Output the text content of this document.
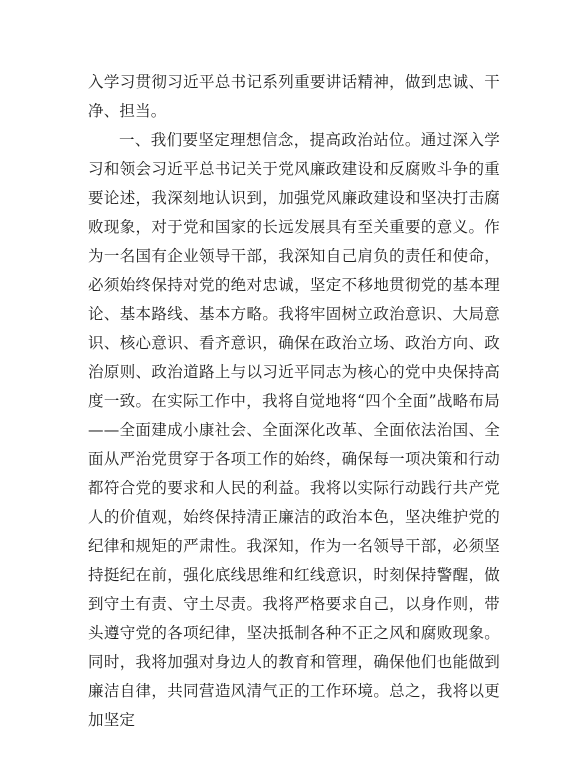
入学习贯彻习近平总书记系列重要讲话精神，做到忠诚、干净、担当。

一、我们要坚定理想信念，提高政治站位。通过深入学习和领会习近平总书记关于党风廉政建设和反腐败斗争的重要论述，我深刻地认识到，加强党风廉政建设和坚决打击腐败现象，对于党和国家的长远发展具有至关重要的意义。作为一名国有企业领导干部，我深知自己肩负的责任和使命，必须始终保持对党的绝对忠诚，坚定不移地贯彻党的基本理论、基本路线、基本方略。我将牢固树立政治意识、大局意识、核心意识、看齐意识，确保在政治立场、政治方向、政治原则、政治道路上与以习近平同志为核心的党中央保持高度一致。在实际工作中，我将自觉地将“四个全面”战略布局——全面建成小康社会、全面深化改革、全面依法治国、全面从严治党贯穿于各项工作的始终，确保每一项决策和行动都符合党的要求和人民的利益。我将以实际行动践行共产党人的价值观，始终保持清正廉洁的政治本色，坚决维护党的纪律和规矩的严肃性。我深知，作为一名领导干部，必须坚持挺纪在前，强化底线思维和红线意识，时刻保持警醒，做到守土有责、守土尽责。我将严格要求自己，以身作则，带头遵守党的各项纪律，坚决抵制各种不正之风和腐败现象。同时，我将加强对身边人的教育和管理，确保他们也能做到廉洁自律，共同营造风清气正的工作环境。总之，我将以更加坚定
